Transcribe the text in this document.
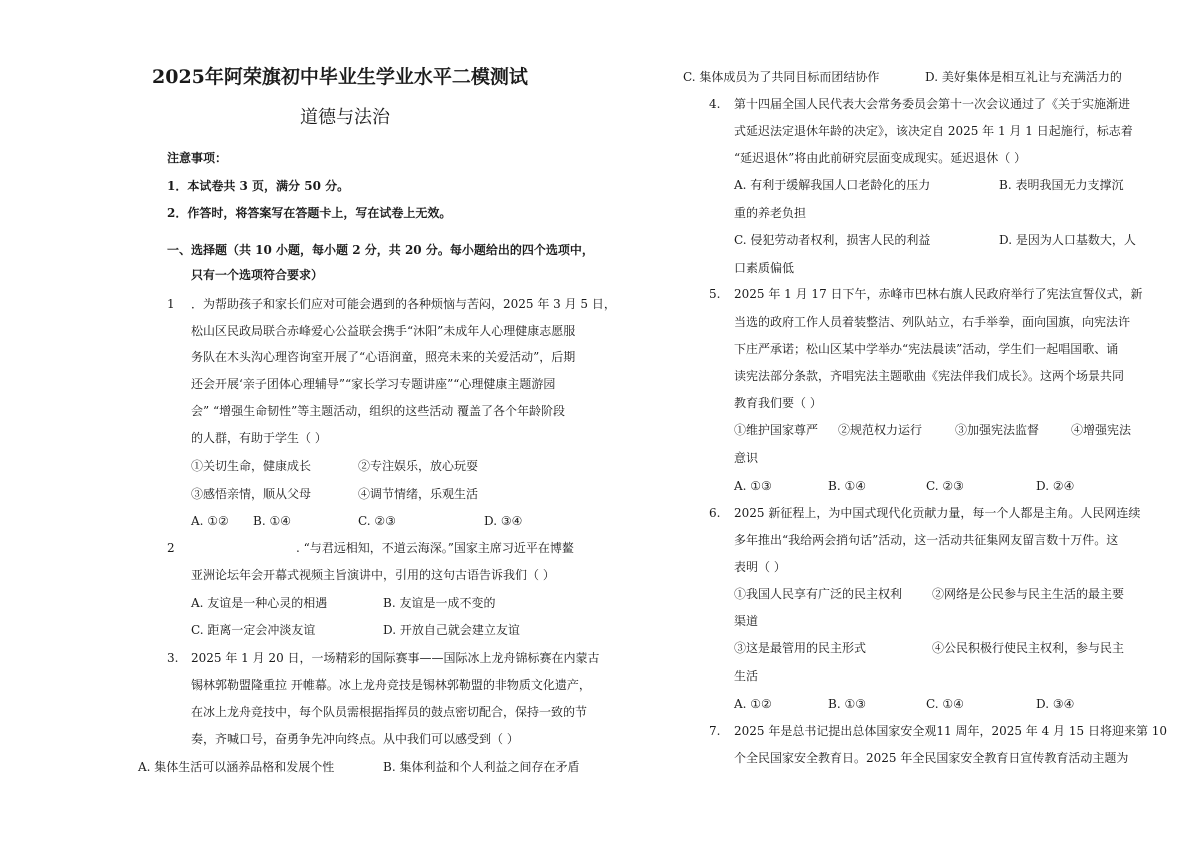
2025年阿荣旗初中毕业生学业水平二模测试
道德与法治
注意事项：
1．本试卷共 3 页，满分 50 分。
2．作答时，将答案写在答题卡上，写在试卷上无效。
一、选择题（共 10 小题，每小题 2 分，共 20 分。每小题给出的四个选项中，
只有一个选项符合要求）
1 ．为帮助孩子和家长们应对可能会遇到的各种烦恼与苦闷，2025 年 3 月 5 日，
松山区民政局联合赤峰爱心公益联会携手“沐阳”未成年人心理健康志愿服
务队在木头沟心理咨询室开展了“心语润童，照亮未来的关爱活动”，后期
还会开展‘亲子团体心理辅导”“家长学习专题讲座”“心理健康主题游园
会” “增强生命韧性”等主题活动，组织的这些活动 覆盖了各个年龄阶段
的人群，有助于学生（ ）
①关切生命，健康成长	②专注娱乐，放心玩耍
③感悟亲情，顺从父母	④调节情绪，乐观生活
A. ①② B. ①④	C. ②③	D. ③④
2	. “与君远相知，不道云海深。”国家主席习近平在博鳌
亚洲论坛年会开幕式视频主旨演讲中，引用的这句古语告诉我们（ ）
A. 友谊是一种心灵的相遇	B. 友谊是一成不变的
C. 距离一定会冲淡友谊	D. 开放自己就会建立友谊
3. 2025 年 1 月 20 日，一场精彩的国际赛事——国际冰上龙舟锦标赛在内蒙古
锡林郭勒盟隆重拉 开帷幕。冰上龙舟竞技是锡林郭勒盟的非物质文化遗产，
在冰上龙舟竞技中，每个队员需根据指挥员的鼓点密切配合，保持一致的节
奏，齐喊口号，奋勇争先冲向终点。从中我们可以感受到（ ）
A. 集体生活可以涵养品格和发展个性	B. 集体利益和个人利益之间存在矛盾
C. 集体成员为了共同目标而团结协作	D. 美好集体是相互礼让与充满活力的
4. 第十四届全国人民代表大会常务委员会第十一次会议通过了《关于实施渐进
式延迟法定退休年龄的决定》，该决定自 2025 年 1 月 1 日起施行，标志着
“延迟退休”将由此前研究层面变成现实。延迟退休（ ）
A. 有利于缓解我国人口老龄化的压力	B. 表明我国无力支撑沉
重的养老负担
C. 侵犯劳动者权利，损害人民的利益	D. 是因为人口基数大，人
口素质偏低
5. 2025 年 1 月 17 日下午，赤峰市巴林右旗人民政府举行了宪法宣誓仪式，新
当选的政府工作人员着装整洁、列队站立，右手举拳，面向国旗，向宪法许
下庄严承诺；松山区某中学举办“宪法晨读”活动，学生们一起唱国歌、诵
读宪法部分条款，齐唱宪法主题歌曲《宪法伴我们成长》。这两个场景共同
教育我们要（ ）
①维护国家尊严 ②规范权力运行	③加强宪法监督	④增强宪法
意识
A. ①③	B. ①④	C. ②③	D. ②④
6. 2025 新征程上，为中国式现代化贡献力量，每一个人都是主角。人民网连续
多年推出“我给两会捎句话”活动，这一活动共征集网友留言数十万件。这
表明（ ）
①我国人民享有广泛的民主权利 ②网络是公民参与民主生活的最主要
渠道
③这是最管用的民主形式	④公民积极行使民主权利，参与民主
生活
A. ①②	B. ①③	C. ①④	D. ③④
7. 2025 年是总书记提出总体国家安全观11 周年，2025 年 4 月 15 日将迎来第 10
个全民国家安全教育日。2025 年全民国家安全教育日宣传教育活动主题为
